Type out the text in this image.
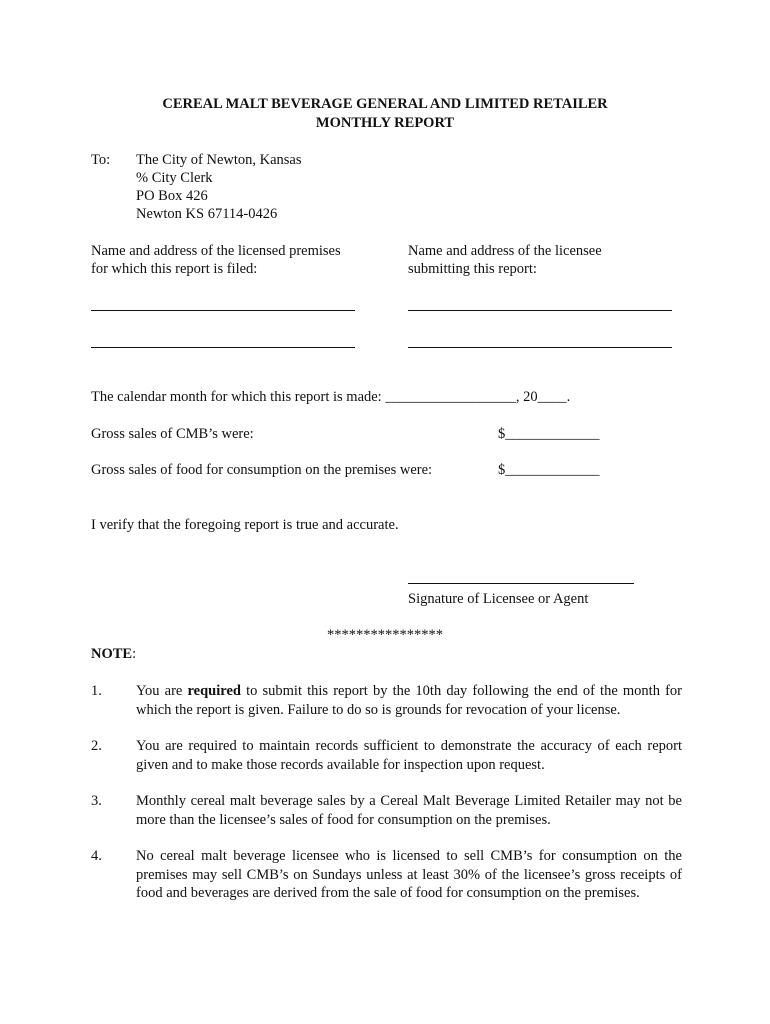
CEREAL MALT BEVERAGE GENERAL AND LIMITED RETAILER
MONTHLY REPORT
To: The City of Newton, Kansas
% City Clerk
PO Box 426
Newton KS 67114-0426
Name and address of the licensed premises
for which this report is filed:
Name and address of the licensee
submitting this report:
The calendar month for which this report is made: __________________, 20____.
Gross sales of CMB’s were:	$_____________
Gross sales of food for consumption on the premises were:	$_____________
I verify that the foregoing report is true and accurate.
Signature of Licensee or Agent
****************
NOTE:
1. You are required to submit this report by the 10th day following the end of the month for which the report is given. Failure to do so is grounds for revocation of your license.
2. You are required to maintain records sufficient to demonstrate the accuracy of each report given and to make those records available for inspection upon request.
3. Monthly cereal malt beverage sales by a Cereal Malt Beverage Limited Retailer may not be more than the licensee’s sales of food for consumption on the premises.
4. No cereal malt beverage licensee who is licensed to sell CMB’s for consumption on the premises may sell CMB’s on Sundays unless at least 30% of the licensee’s gross receipts of food and beverages are derived from the sale of food for consumption on the premises.
